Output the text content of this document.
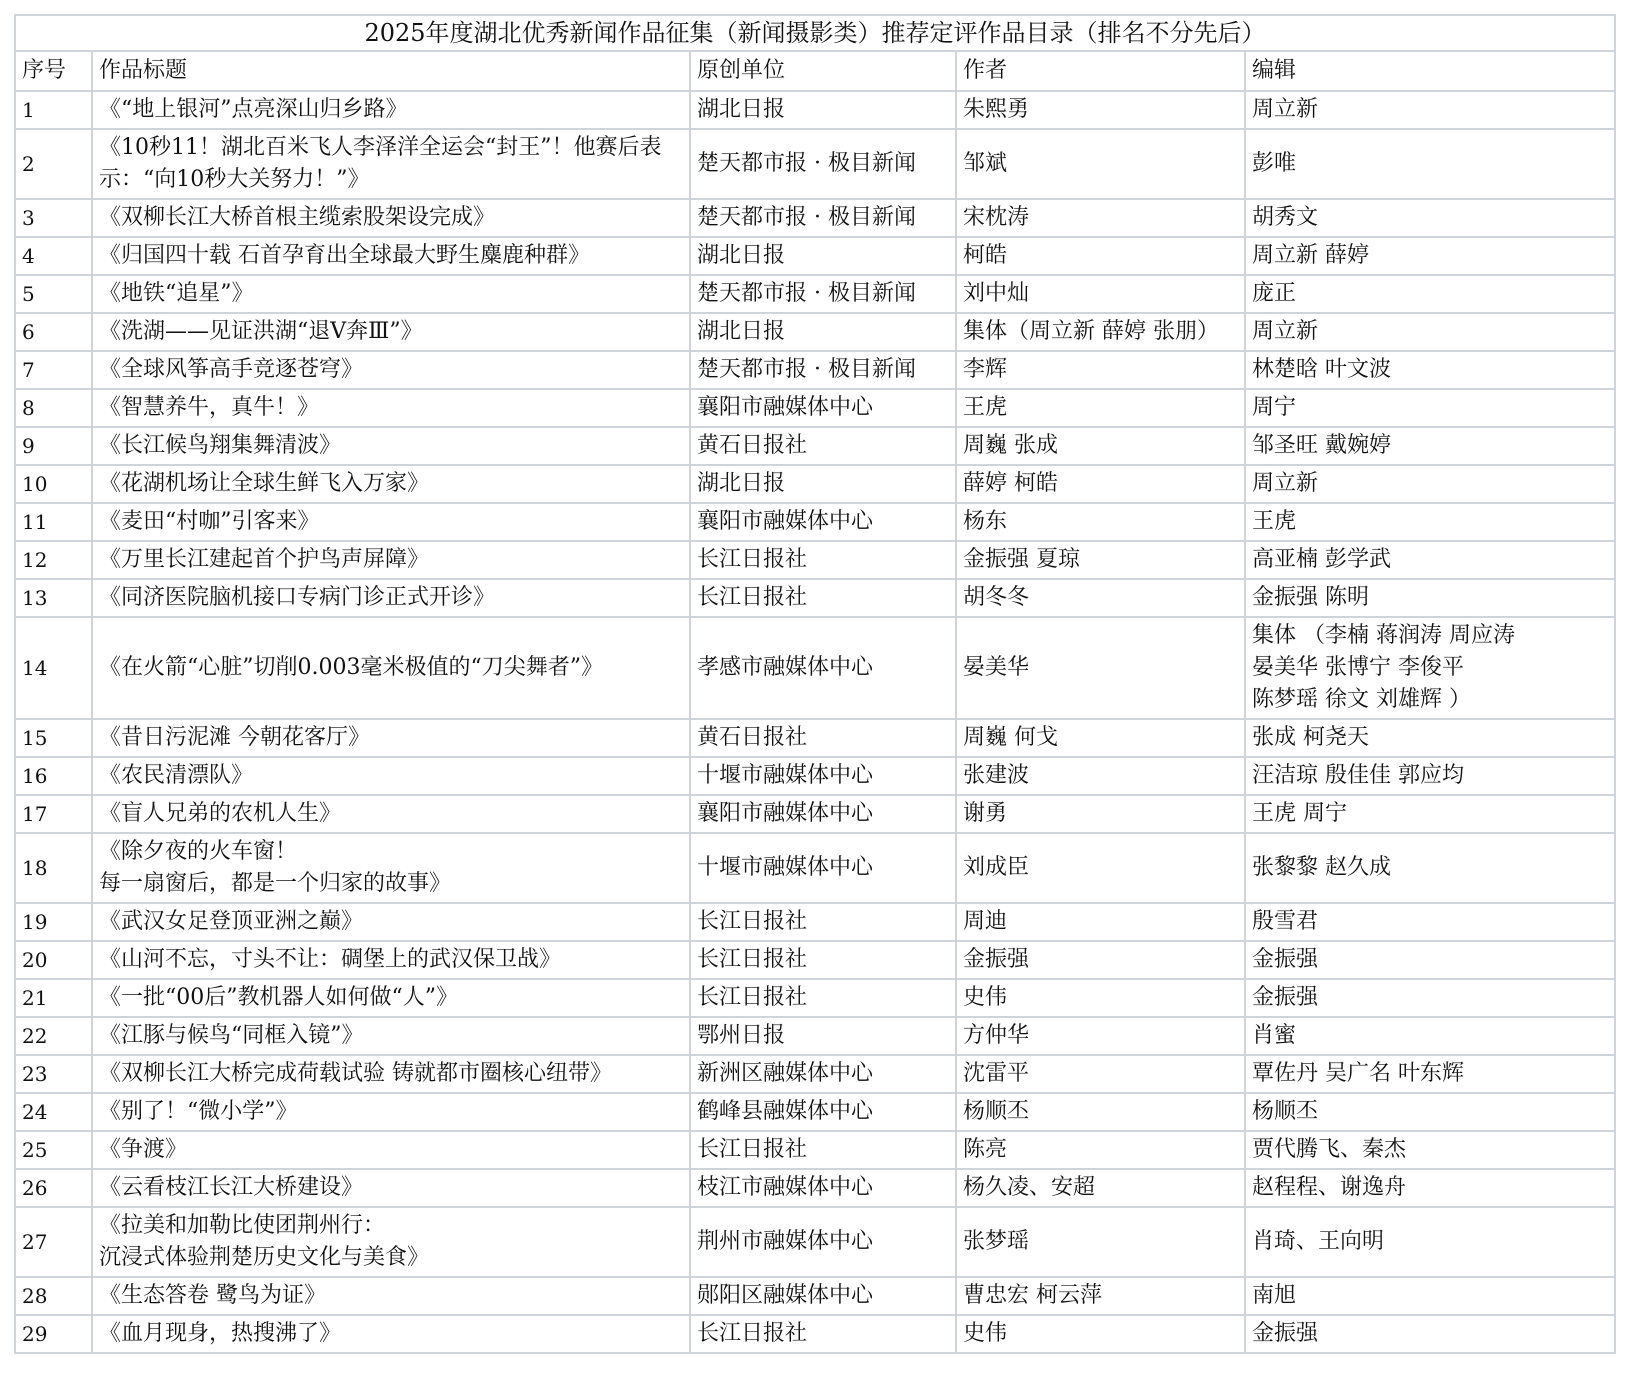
2025年度湖北优秀新闻作品征集（新闻摄影类）推荐定评作品目录（排名不分先后）				
序号	作品标题	原创单位	作者	编辑
1	《“地上银河”点亮深山归乡路》	湖北日报	朱熙勇	周立新
2	《10秒11！湖北百米飞人李泽洋全运会“封王”！他赛后表示：“向10秒大关努力！”》	楚天都市报 · 极目新闻	邹斌	彭唯
3	《双柳长江大桥首根主缆索股架设完成》	楚天都市报 · 极目新闻	宋枕涛	胡秀文
4	《归国四十载 石首孕育出全球最大野生麋鹿种群》	湖北日报	柯皓	周立新 薛婷
5	《地铁“追星”》	楚天都市报 · 极目新闻	刘中灿	庞正
6	《洗湖——见证洪湖“退Ⅴ奔Ⅲ”》	湖北日报	集体（周立新 薛婷 张朋）	周立新
7	《全球风筝高手竞逐苍穹》	楚天都市报 · 极目新闻	李辉	林楚晗 叶文波
8	《智慧养牛，真牛！》	襄阳市融媒体中心	王虎	周宁
9	《长江候鸟翔集舞清波》	黄石日报社	周巍 张成	邹圣旺 戴婉婷
10	《花湖机场让全球生鲜飞入万家》	湖北日报	薛婷 柯皓	周立新
11	《麦田“村咖”引客来》	襄阳市融媒体中心	杨东	王虎
12	《万里长江建起首个护鸟声屏障》	长江日报社	金振强 夏琼	高亚楠 彭学武
13	《同济医院脑机接口专病门诊正式开诊》	长江日报社	胡冬冬	金振强 陈明
14	《在火箭“心脏”切削0.003毫米极值的“刀尖舞者”》	孝感市融媒体中心	晏美华	集体 （李楠 蒋润涛 周应涛
晏美华 张博宁 李俊平
陈梦瑶 徐文 刘雄辉 ）
15	《昔日污泥滩 今朝花客厅》	黄石日报社	周巍 何戈	张成 柯尧天
16	《农民清漂队》	十堰市融媒体中心	张建波	汪洁琼 殷佳佳 郭应均
17	《盲人兄弟的农机人生》	襄阳市融媒体中心	谢勇	王虎 周宁
18	《除夕夜的火车窗！
每一扇窗后，都是一个归家的故事》	十堰市融媒体中心	刘成臣	张黎黎 赵久成
19	《武汉女足登顶亚洲之巅》	长江日报社	周迪	殷雪君
20	《山河不忘，寸头不让：碉堡上的武汉保卫战》	长江日报社	金振强	金振强
21	《一批“00后”教机器人如何做“人”》	长江日报社	史伟	金振强
22	《江豚与候鸟“同框入镜”》	鄂州日报	方仲华	肖蜜
23	《双柳长江大桥完成荷载试验 铸就都市圈核心纽带》	新洲区融媒体中心	沈雷平	覃佐丹 吴广名 叶东辉
24	《别了！“微小学”》	鹤峰县融媒体中心	杨顺丕	杨顺丕
25	《争渡》	长江日报社	陈亮	贾代腾飞、秦杰
26	《云看枝江长江大桥建设》	枝江市融媒体中心	杨久凌、安超	赵程程、谢逸舟
27	《拉美和加勒比使团荆州行：
沉浸式体验荆楚历史文化与美食》	荆州市融媒体中心	张梦瑶	肖琦、王向明
28	《生态答卷 鹭鸟为证》	郧阳区融媒体中心	曹忠宏 柯云萍	南旭
29	《血月现身，热搜沸了》	长江日报社	史伟	金振强
